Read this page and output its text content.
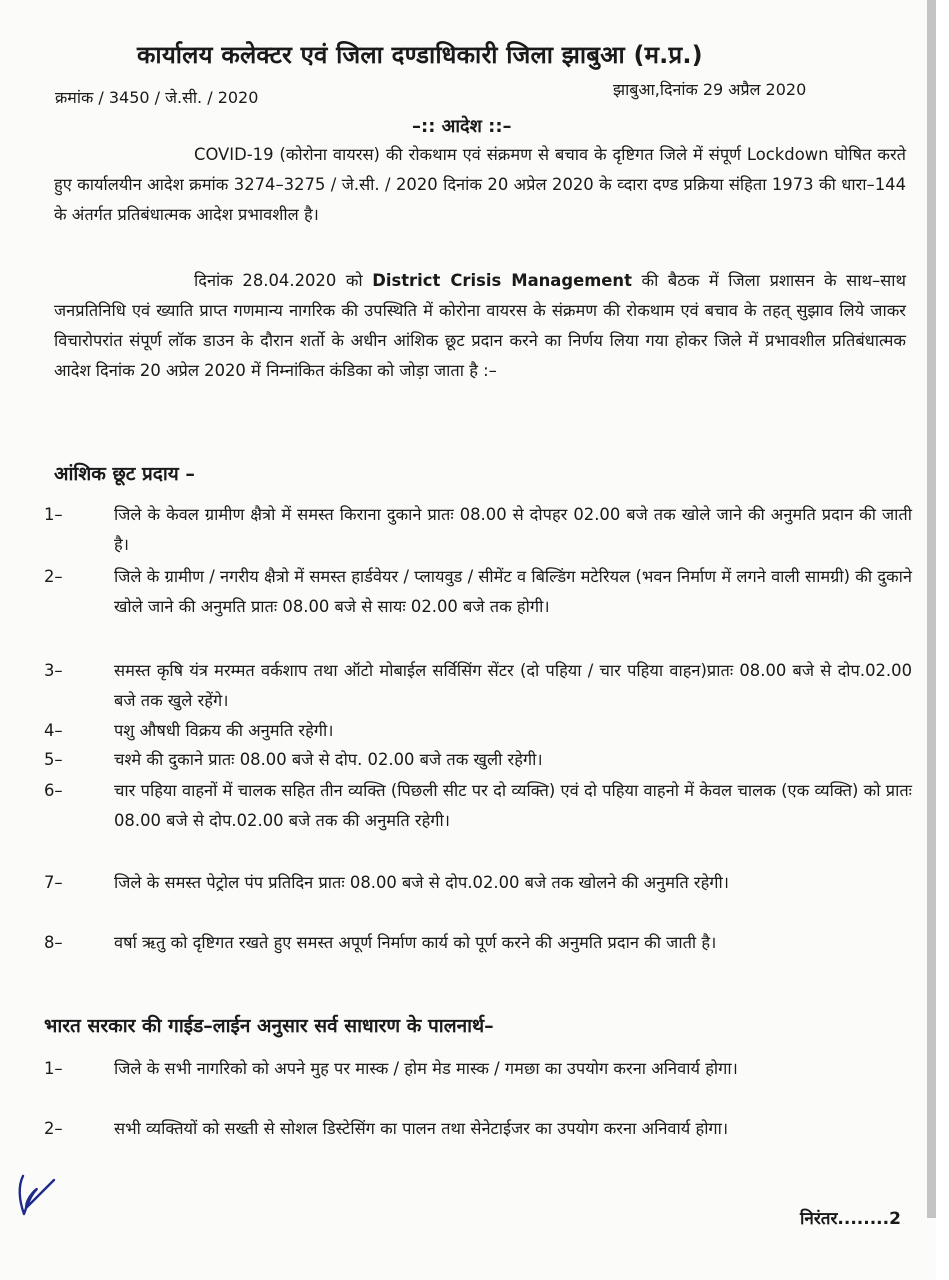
कार्यालय कलेक्टर एवं जिला दण्डाधिकारी जिला झाबुआ (म.प्र.)
क्रमांक / 3450 / जे.सी. / 2020	झाबुआ,दिनांक 29 अप्रैल 2020
–:: आदेश ::–
COVID-19 (कोरोना वायरस) की रोकथाम एवं संक्रमण से बचाव के दृष्टिगत जिले में संपूर्ण Lockdown घोषित करते हुए कार्यालयीन आदेश क्रमांक 3274–3275 / जे.सी. / 2020 दिनांक 20 अप्रेल 2020 के व्दारा दण्ड प्रक्रिया संहिता 1973 की धारा–144 के अंतर्गत प्रतिबंधात्मक आदेश प्रभावशील है।
दिनांक 28.04.2020 को District Crisis Management की बैठक में जिला प्रशासन के साथ–साथ जनप्रतिनिधि एवं ख्याति प्राप्त गणमान्य नागरिक की उपस्थिति में कोरोना वायरस के संक्रमण की रोकथाम एवं बचाव के तहत् सुझाव लिये जाकर विचारोपरांत संपूर्ण लॉक डाउन के दौरान शर्तो के अधीन आंशिक छूट प्रदान करने का निर्णय लिया गया होकर जिले में प्रभावशील प्रतिबंधात्मक आदेश दिनांक 20 अप्रेल 2020 में निम्नांकित कंडिका को जोड़ा जाता है :–
आंशिक छूट प्रदाय –
1–	जिले के केवल ग्रामीण क्षैत्रो में समस्त किराना दुकाने प्रातः 08.00 से दोपहर 02.00 बजे तक खोले जाने की अनुमति प्रदान की जाती है।
2–	जिले के ग्रामीण / नगरीय क्षैत्रो में समस्त हार्डवेयर / प्लायवुड / सीमेंट व बिल्डिंग मटेरियल (भवन निर्माण में लगने वाली सामग्री) की दुकाने खोले जाने की अनुमति प्रातः 08.00 बजे से सायः 02.00 बजे तक होगी।
3–	समस्त कृषि यंत्र मरम्मत वर्कशाप तथा ऑटो मोबाईल सर्विसिंग सेंटर (दो पहिया / चार पहिया वाहन)प्रातः 08.00 बजे से दोप.02.00 बजे तक खुले रहेंगे।
4–	पशु औषधी विक्रय की अनुमति रहेगी।
5–	चश्मे की दुकाने प्रातः 08.00 बजे से दोप. 02.00 बजे तक खुली रहेगी।
6–	चार पहिया वाहनों में चालक सहित तीन व्यक्ति (पिछली सीट पर दो व्यक्ति) एवं दो पहिया वाहनो में केवल चालक (एक व्यक्ति) को प्रातः 08.00 बजे से दोप.02.00 बजे तक की अनुमति रहेगी।
7–	जिले के समस्त पेट्रोल पंप प्रतिदिन प्रातः 08.00 बजे से दोप.02.00 बजे तक खोलने की अनुमति रहेगी।
8–	वर्षा ऋतु को दृष्टिगत रखते हुए समस्त अपूर्ण निर्माण कार्य को पूर्ण करने की अनुमति प्रदान की जाती है।
भारत सरकार की गाईड–लाईन अनुसार सर्व साधारण के पालनार्थ–
1–	जिले के सभी नागरिको को अपने मुह पर मास्क / होम मेड मास्क / गमछा का उपयोग करना अनिवार्य होगा।
2–	सभी व्यक्तियों को सख्ती से सोशल डिस्टेसिंग का पालन तथा सेनेटाईजर का उपयोग करना अनिवार्य होगा।
निरंतर........2
